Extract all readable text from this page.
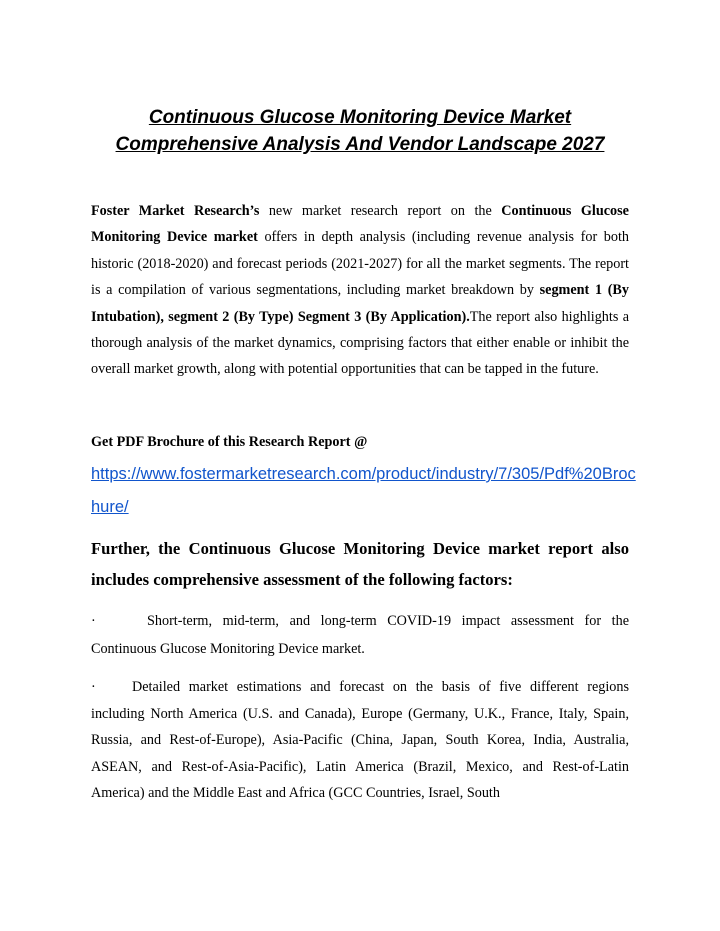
Continuous Glucose Monitoring Device Market
Comprehensive Analysis And Vendor Landscape 2027

Foster Market Research’s new market research report on the Continuous Glucose Monitoring Device market offers in depth analysis (including revenue analysis for both historic (2018-2020) and forecast periods (2021-2027) for all the market segments. The report is a compilation of various segmentations, including market breakdown by segment 1 (By Intubation), segment 2 (By Type) Segment 3 (By Application).The report also highlights a thorough analysis of the market dynamics, comprising factors that either enable or inhibit the overall market growth, along with potential opportunities that can be tapped in the future.

Get PDF Brochure of this Research Report @

https://www.fostermarketresearch.com/product/industry/7/305/Pdf%20Brochure/

Further, the Continuous Glucose Monitoring Device market report also includes comprehensive assessment of the following factors:

·	Short-term, mid-term, and long-term COVID-19 impact assessment for the Continuous Glucose Monitoring Device market.

·	Detailed market estimations and forecast on the basis of five different regions including North America (U.S. and Canada), Europe (Germany, U.K., France, Italy, Spain, Russia, and Rest-of-Europe), Asia-Pacific (China, Japan, South Korea, India, Australia, ASEAN, and Rest-of-Asia-Pacific), Latin America (Brazil, Mexico, and Rest-of-Latin America) and the Middle East and Africa (GCC Countries, Israel, South
